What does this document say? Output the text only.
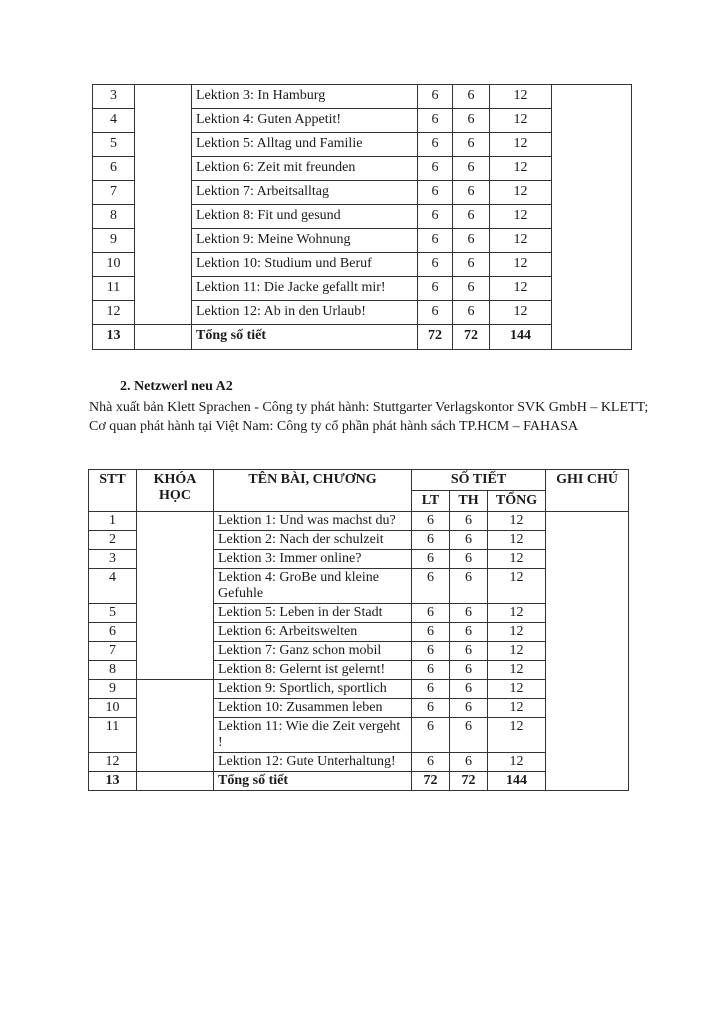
3		Lektion 3: In Hamburg	6	6	12	
4		Lektion 4: Guten Appetit!	6	6	12	
5		Lektion 5: Alltag und Familie	6	6	12	
6		Lektion 6: Zeit mit freunden	6	6	12	
7		Lektion 7: Arbeitsalltag	6	6	12	
8		Lektion 8: Fit und gesund	6	6	12	
9		Lektion 9: Meine Wohnung	6	6	12	
10		Lektion 10: Studium und Beruf	6	6	12	
11		Lektion 11: Die Jacke gefallt mir!	6	6	12	
12		Lektion 12: Ab in den Urlaub!	6	6	12	
13		Tổng số tiết	72	72	144	
2. Netzwerl neu A2
Nhà xuất bản Klett Sprachen - Công ty phát hành: Stuttgarter Verlagskontor SVK GmbH – KLETT; Cơ quan phát hành tại Việt Nam: Công ty cổ phần phát hành sách TP.HCM – FAHASA
STT	KHÓA HỌC	TÊN BÀI, CHƯƠNG	SỐ TIẾT			GHI CHÚ
			LT	TH	TỔNG	
1		Lektion 1: Und was machst du?	6	6	12	
2		Lektion 2: Nach der schulzeit	6	6	12	
3		Lektion 3: Immer online?	6	6	12	
4		Lektion 4: GroBe und kleine Gefuhle	6	6	12	
5		Lektion 5: Leben in der Stadt	6	6	12	
6		Lektion 6: Arbeitswelten	6	6	12	
7		Lektion 7: Ganz schon mobil	6	6	12	
8		Lektion 8: Gelernt ist gelernt!	6	6	12	
9		Lektion 9: Sportlich, sportlich	6	6	12	
10		Lektion 10: Zusammen leben	6	6	12	
11		Lektion 11: Wie die Zeit vergeht !	6	6	12	
12		Lektion 12: Gute Unterhaltung!	6	6	12	
13		Tổng số tiết	72	72	144	
